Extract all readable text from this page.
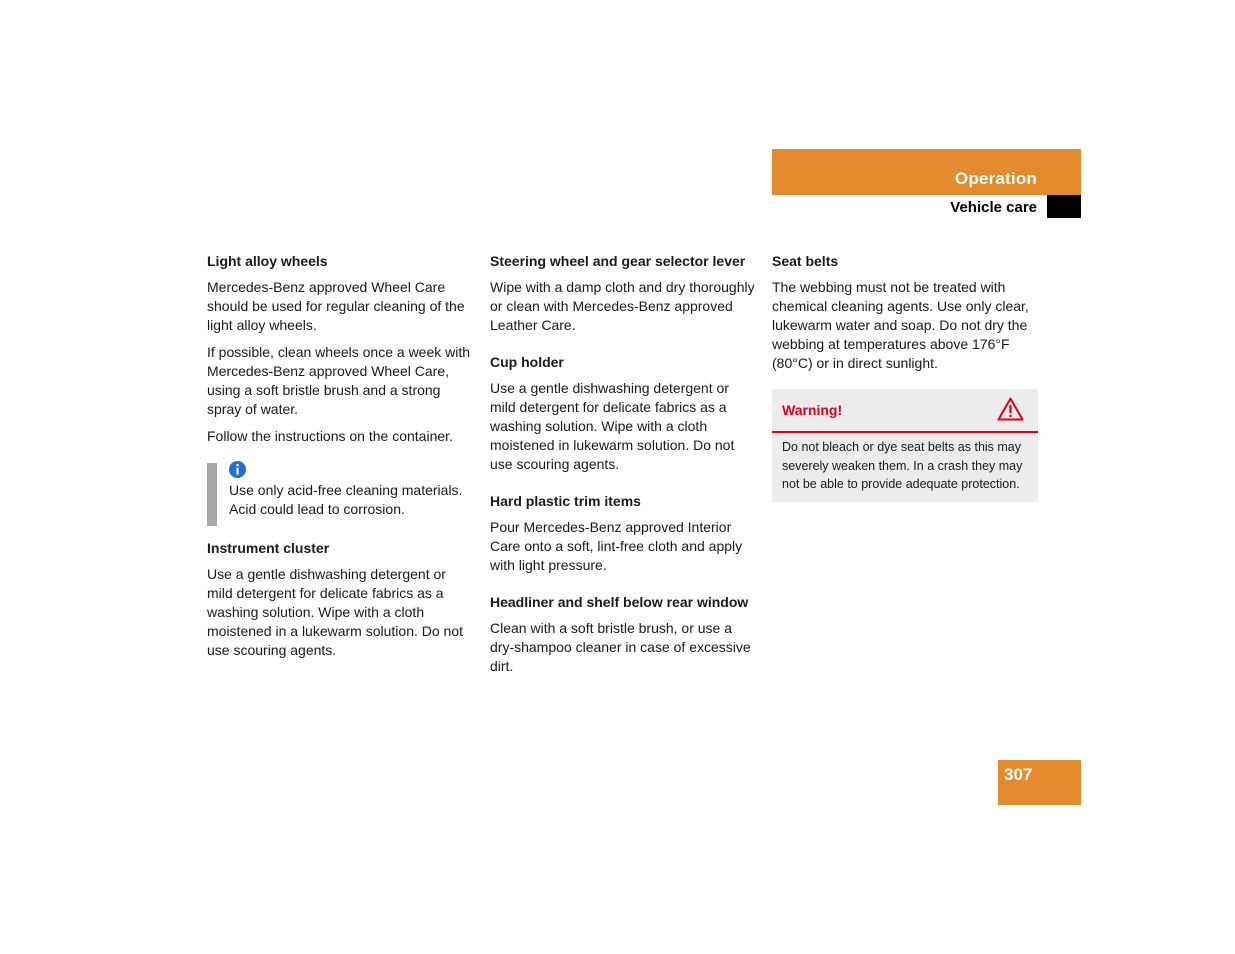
Operation
Vehicle care
Light alloy wheels

Mercedes-Benz approved Wheel Care should be used for regular cleaning of the light alloy wheels.

If possible, clean wheels once a week with Mercedes-Benz approved Wheel Care, using a soft bristle brush and a strong spray of water.

Follow the instructions on the container.

Use only acid-free cleaning materials. Acid could lead to corrosion.

Instrument cluster

Use a gentle dishwashing detergent or mild detergent for delicate fabrics as a washing solution. Wipe with a cloth moistened in a lukewarm solution. Do not use scouring agents.

Steering wheel and gear selector lever

Wipe with a damp cloth and dry thoroughly or clean with Mercedes-Benz approved Leather Care.

Cup holder

Use a gentle dishwashing detergent or mild detergent for delicate fabrics as a washing solution. Wipe with a cloth moistened in lukewarm solution. Do not use scouring agents.

Hard plastic trim items

Pour Mercedes-Benz approved Interior Care onto a soft, lint-free cloth and apply with light pressure.

Headliner and shelf below rear window

Clean with a soft bristle brush, or use a dry-shampoo cleaner in case of excessive dirt.

Seat belts

The webbing must not be treated with chemical cleaning agents. Use only clear, lukewarm water and soap. Do not dry the webbing at temperatures above 176°F (80°C) or in direct sunlight.

Warning!
Do not bleach or dye seat belts as this may severely weaken them. In a crash they may not be able to provide adequate protection.
307
